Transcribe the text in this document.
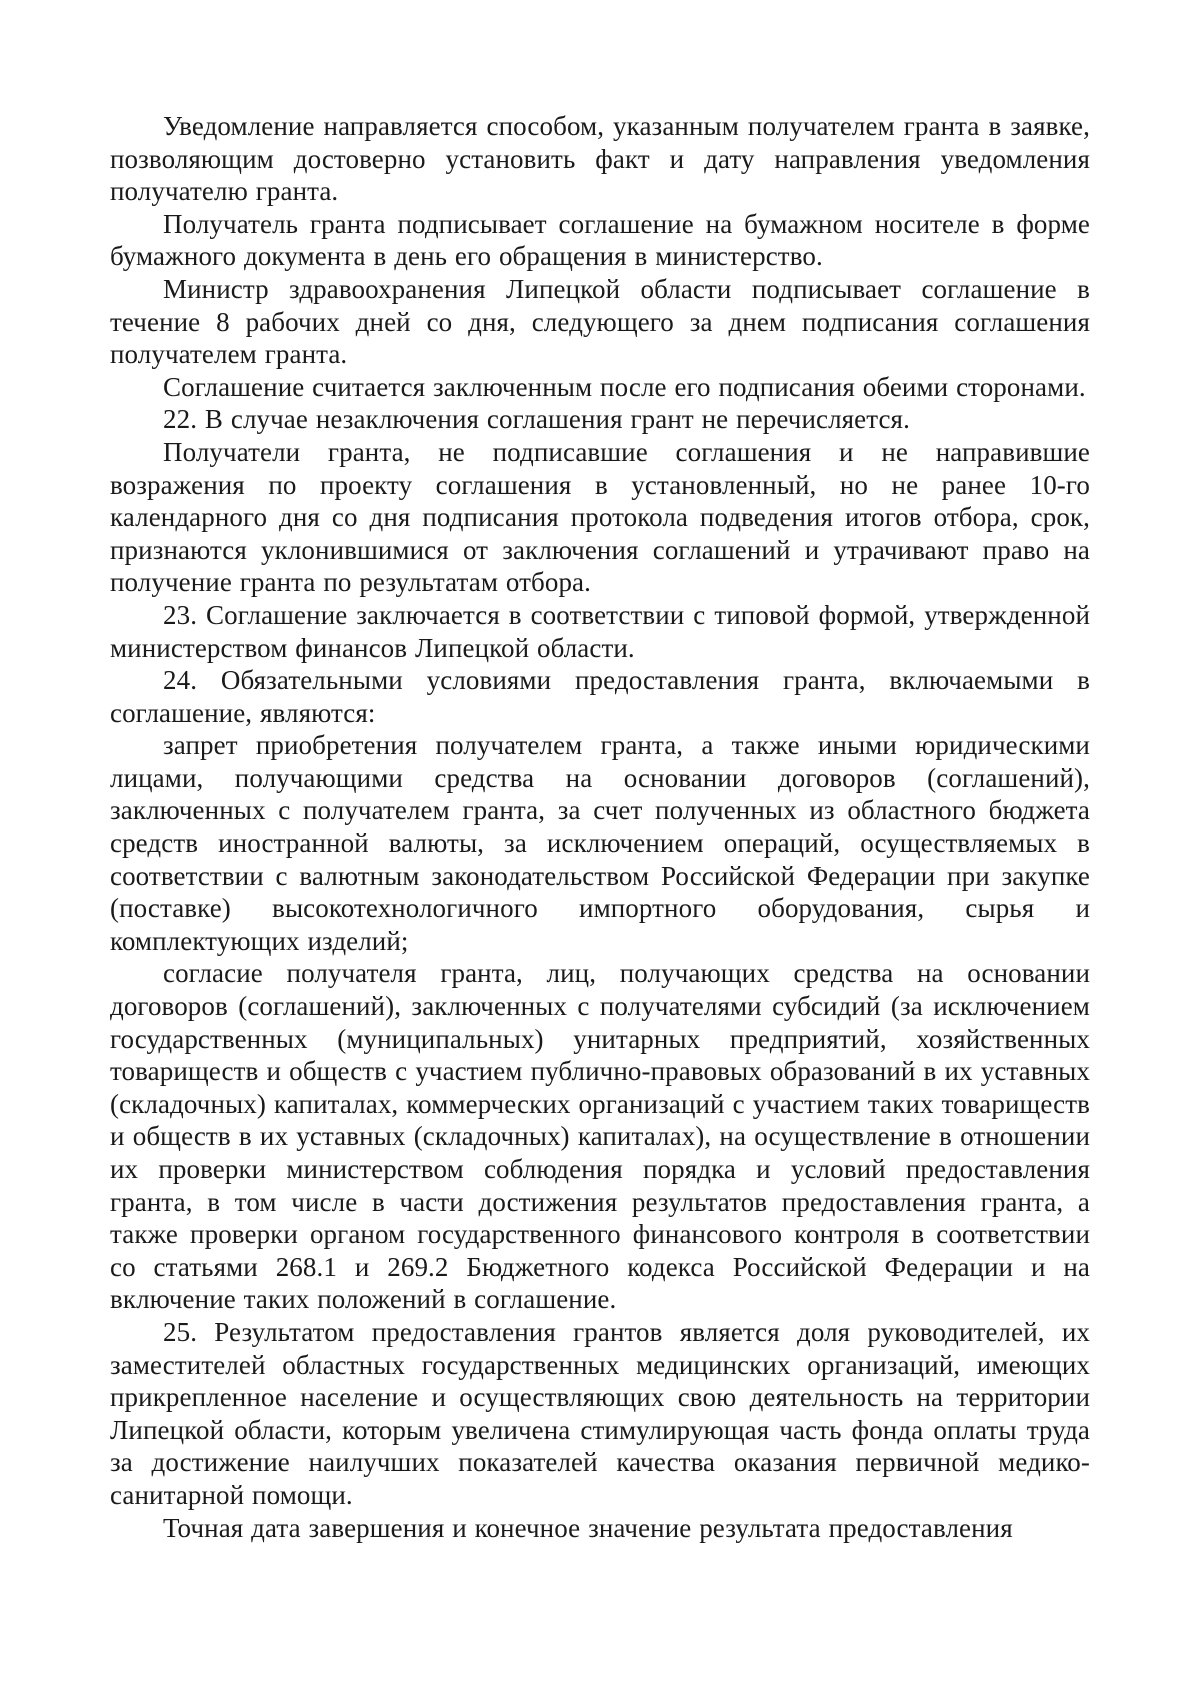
Уведомление направляется способом, указанным получателем гранта в заявке, позволяющим достоверно установить факт и дату направления уведомления получателю гранта.

Получатель гранта подписывает соглашение на бумажном носителе в форме бумажного документа в день его обращения в министерство.

Министр здравоохранения Липецкой области подписывает соглашение в течение 8 рабочих дней со дня, следующего за днем подписания соглашения получателем гранта.

Соглашение считается заключенным после его подписания обеими сторонами.

22. В случае незаключения соглашения грант не перечисляется.

Получатели гранта, не подписавшие соглашения и не направившие возражения по проекту соглашения в установленный, но не ранее 10-го календарного дня со дня подписания протокола подведения итогов отбора, срок, признаются уклонившимися от заключения соглашений и утрачивают право на получение гранта по результатам отбора.

23. Соглашение заключается в соответствии с типовой формой, утвержденной министерством финансов Липецкой области.

24. Обязательными условиями предоставления гранта, включаемыми в соглашение, являются:

запрет приобретения получателем гранта, а также иными юридическими лицами, получающими средства на основании договоров (соглашений), заключенных с получателем гранта, за счет полученных из областного бюджета средств иностранной валюты, за исключением операций, осуществляемых в соответствии с валютным законодательством Российской Федерации при закупке (поставке) высокотехнологичного импортного оборудования, сырья и комплектующих изделий;

согласие получателя гранта, лиц, получающих средства на основании договоров (соглашений), заключенных с получателями субсидий (за исключением государственных (муниципальных) унитарных предприятий, хозяйственных товариществ и обществ с участием публично-правовых образований в их уставных (складочных) капиталах, коммерческих организаций с участием таких товариществ и обществ в их уставных (складочных) капиталах), на осуществление в отношении их проверки министерством соблюдения порядка и условий предоставления гранта, в том числе в части достижения результатов предоставления гранта, а также проверки органом государственного финансового контроля в соответствии со статьями 268.1 и 269.2 Бюджетного кодекса Российской Федерации и на включение таких положений в соглашение.

25. Результатом предоставления грантов является доля руководителей, их заместителей областных государственных медицинских организаций, имеющих прикрепленное население и осуществляющих свою деятельность на территории Липецкой области, которым увеличена стимулирующая часть фонда оплаты труда за достижение наилучших показателей качества оказания первичной медико-санитарной помощи.

Точная дата завершения и конечное значение результата предоставления
